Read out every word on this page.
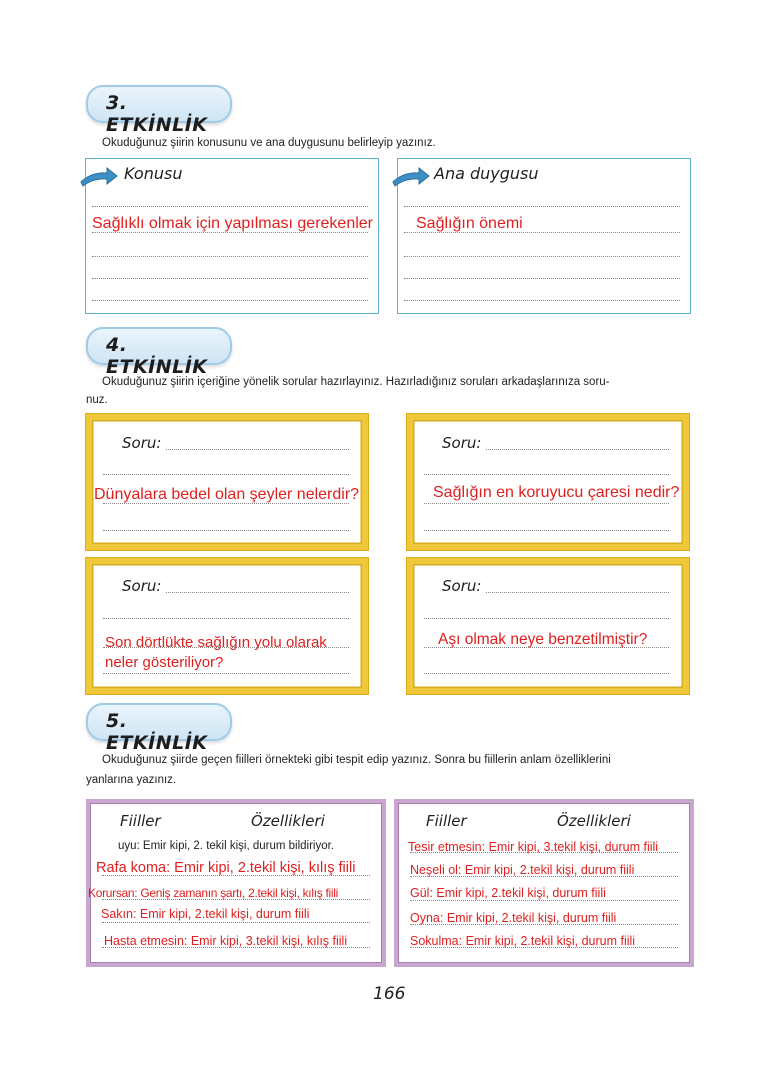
3. ETKİNLİK
Okuduğunuz şiirin konusunu ve ana duygusunu belirleyip yazınız.
Konusu
Sağlıklı olmak için yapılması gerekenler
Ana duygusu
Sağlığın önemi
4. ETKİNLİK
Okuduğunuz şiirin içeriğine yönelik sorular hazırlayınız. Hazırladığınız soruları arkadaşlarınıza soru-
nuz.
Soru:
Dünyalara bedel olan şeyler nelerdir?
Soru:
Sağlığın en koruyucu çaresi nedir?
Soru:
Son dörtlükte sağlığın yolu olarak
neler gösteriliyor?
Soru:
Aşı olmak neye benzetilmiştir?
5. ETKİNLİK
Okuduğunuz şiirde geçen fiilleri örnekteki gibi tespit edip yazınız. Sonra bu fiillerin anlam özelliklerini
yanlarına yazınız.
Fiiller	Özellikleri
uyu: Emir kipi, 2. tekil kişi, durum bildiriyor.
Rafa koma: Emir kipi, 2.tekil kişi, kılış fiili
Korursan: Geniş zamanın şartı, 2.tekil kişi, kılış fiili
Sakın: Emir kipi, 2.tekil kişi, durum fiili
Hasta etmesin: Emir kipi, 3.tekil kişi, kılış fiili
Fiiller	Özellikleri
Tesir etmesin: Emir kipi, 3.tekil kişi, durum fiili
Neşeli ol: Emir kipi, 2.tekil kişi, durum fiili
Gül: Emir kipi, 2.tekil kişi, durum fiili
Oyna: Emir kipi, 2.tekil kişi, durum fiili
Sokulma: Emir kipi, 2.tekil kişi, durum fiili
166
